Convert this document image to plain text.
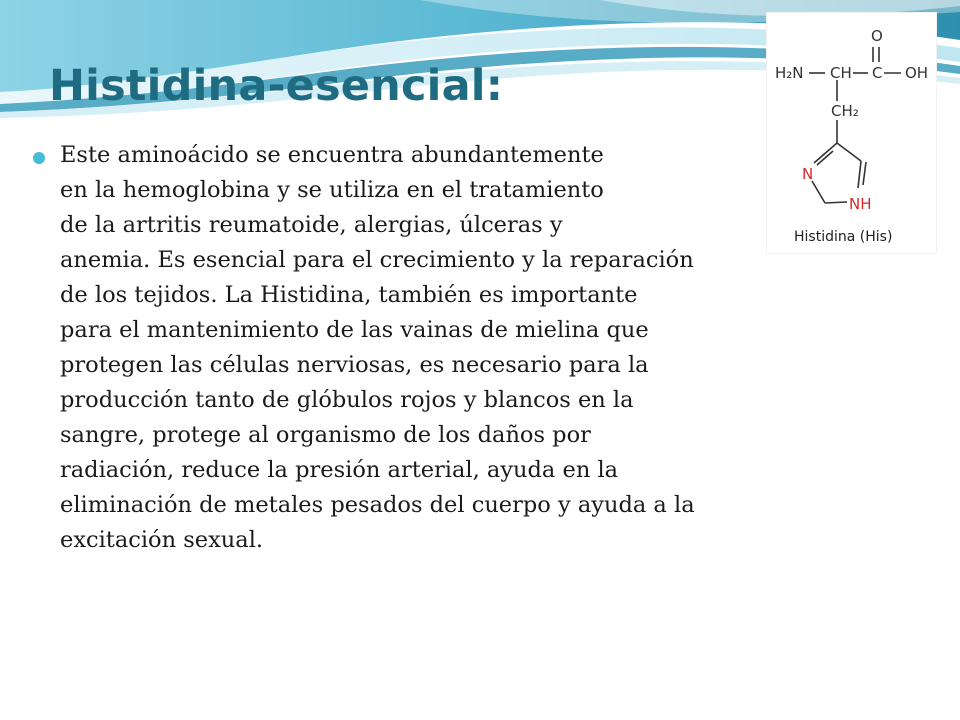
Histidina-esencial:	H₂N CH C OH
O
CH₂
N
NH
Histidina (His)
Este aminoácido se encuentra abundantemente
en la hemoglobina y se utiliza en el tratamiento
de la artritis reumatoide, alergias, úlceras y
anemia. Es esencial para el crecimiento y la reparación
de los tejidos. La Histidina, también es importante
para el mantenimiento de las vainas de mielina que
protegen las células nerviosas, es necesario para la
producción tanto de glóbulos rojos y blancos en la
sangre, protege al organismo de los daños por
radiación, reduce la presión arterial, ayuda en la
eliminación de metales pesados del cuerpo y ayuda a la
excitación sexual.
